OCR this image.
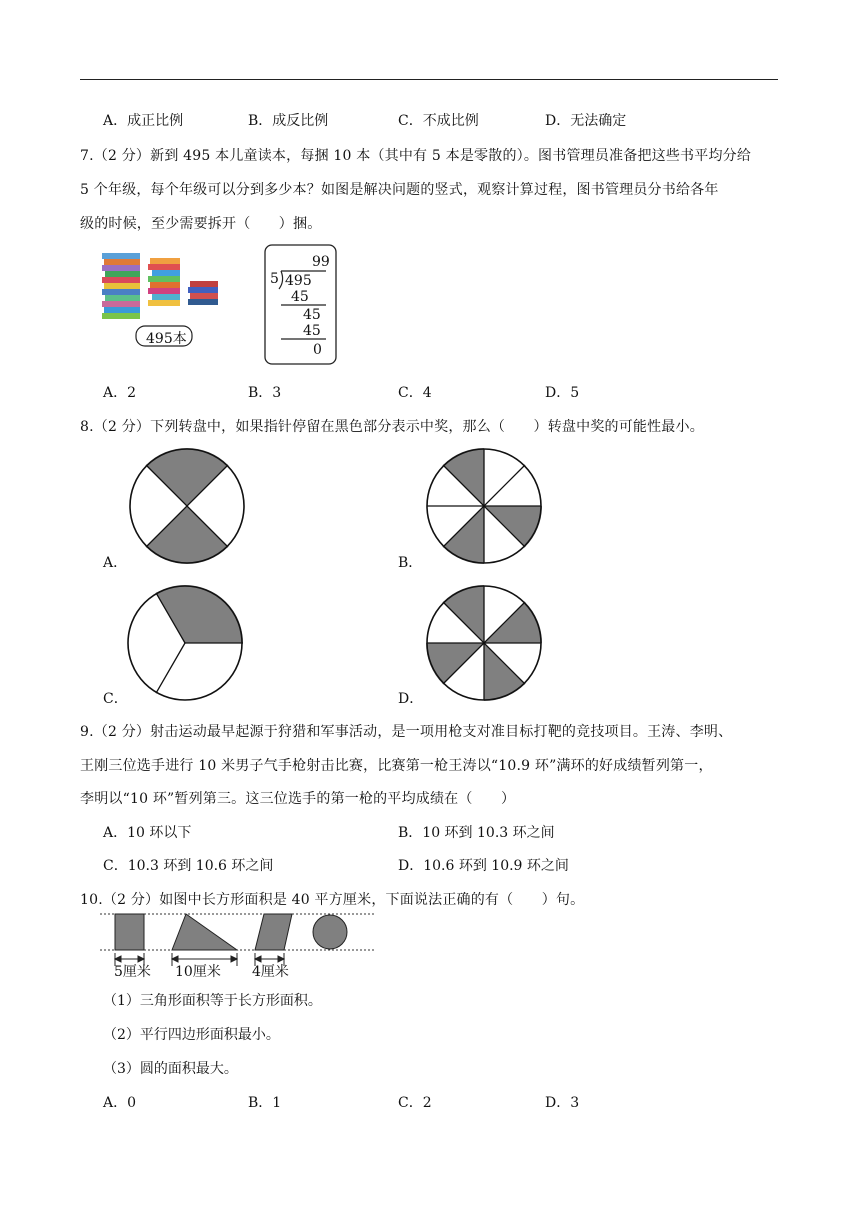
A．成正比例	B．成反比例	C．不成比例	D．无法确定
7.（2 分）新到 495 本儿童读本，每捆 10 本（其中有 5 本是零散的）。图书管理员准备把这些书平均分给
5 个年级，每个年级可以分到多少本？如图是解决问题的竖式，观察计算过程，图书管理员分书给各年
级的时候，至少需要拆开（　　）捆。
495本
99
5 495
45
45
45
0
A．2	B．3	C．4	D．5
8.（2 分）下列转盘中，如果指针停留在黑色部分表示中奖，那么（　　）转盘中奖的可能性最小。
A．	B．
C．	D．
9.（2 分）射击运动最早起源于狩猎和军事活动，是一项用枪支对准目标打靶的竞技项目。王涛、李明、
王刚三位选手进行 10 米男子气手枪射击比赛，比赛第一枪王涛以“10.9 环”满环的好成绩暂列第一，
李明以“10 环”暂列第三。这三位选手的第一枪的平均成绩在（　　）
A．10 环以下	B．10 环到 10.3 环之间
C．10.3 环到 10.6 环之间	D．10.6 环到 10.9 环之间
10.（2 分）如图中长方形面积是 40 平方厘米，下面说法正确的有（　　）句。
5厘米 10厘米 4厘米
（1）三角形面积等于长方形面积。
（2）平行四边形面积最小。
（3）圆的面积最大。
A．0	B．1	C．2	D．3
